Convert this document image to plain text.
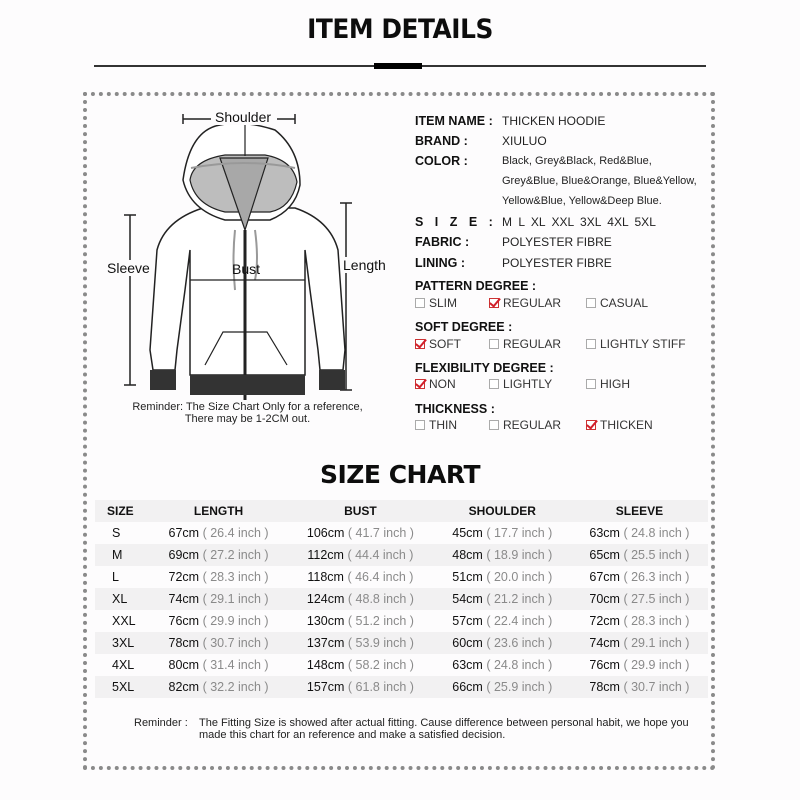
ITEM DETAILS
Shoulder
Sleeve	Bust	Length
Reminder: The Size Chart Only for a reference,
There may be 1-2CM out.
ITEM NAME : THICKEN HOODIE
BRAND :	XIULUO
COLOR :	Black, Grey&Black, Red&Blue,
Grey&Blue, Blue&Orange, Blue&Yellow,
Yellow&Blue, Yellow&Deep Blue.
S I Z E : M L XL XXL 3XL 4XL 5XL
FABRIC :	POLYESTER FIBRE
LINING :	POLYESTER FIBRE
PATTERN DEGREE :
SLIM	REGULAR	CASUAL
SOFT DEGREE :
SOFT	REGULAR	LIGHTLY STIFF
FLEXIBILITY DEGREE :
NON	LIGHTLY	HIGH
THICKNESS :
THIN	REGULAR	THICKEN
SIZE CHART
SIZE	LENGTH	BUST	SHOULDER	SLEEVE
S	67cm ( 26.4 inch )	106cm ( 41.7 inch )	45cm ( 17.7 inch )	63cm ( 24.8 inch )
M	69cm ( 27.2 inch )	112cm ( 44.4 inch )	48cm ( 18.9 inch )	65cm ( 25.5 inch )
L	72cm ( 28.3 inch )	118cm ( 46.4 inch )	51cm ( 20.0 inch )	67cm ( 26.3 inch )
XL	74cm ( 29.1 inch )	124cm ( 48.8 inch )	54cm ( 21.2 inch )	70cm ( 27.5 inch )
XXL	76cm ( 29.9 inch )	130cm ( 51.2 inch )	57cm ( 22.4 inch )	72cm ( 28.3 inch )
3XL	78cm ( 30.7 inch )	137cm ( 53.9 inch )	60cm ( 23.6 inch )	74cm ( 29.1 inch )
4XL	80cm ( 31.4 inch )	148cm ( 58.2 inch )	63cm ( 24.8 inch )	76cm ( 29.9 inch )
5XL	82cm ( 32.2 inch )	157cm ( 61.8 inch )	66cm ( 25.9 inch )	78cm ( 30.7 inch )
Reminder : The Fitting Size is showed after actual fitting. Cause difference between personal habit, we hope you made this chart for an reference and make a satisfied decision.
